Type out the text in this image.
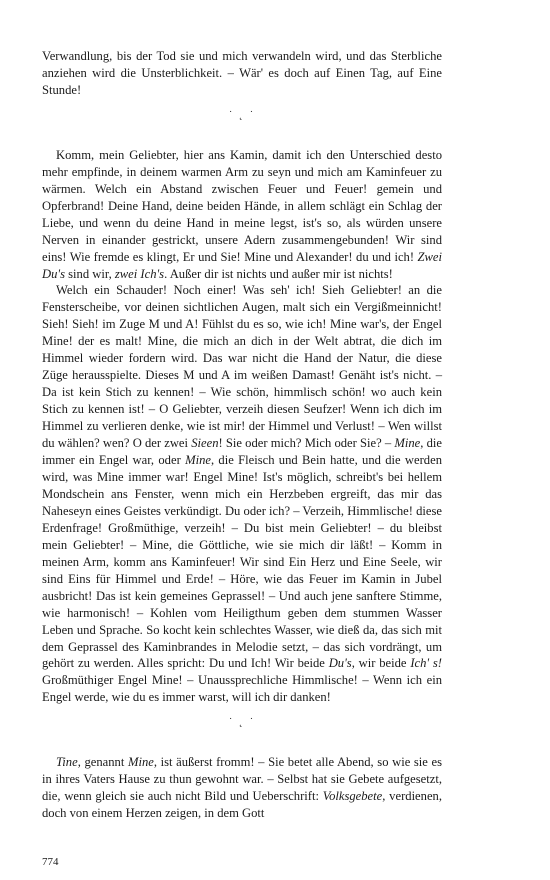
Verwandlung, bis der Tod sie und mich verwandeln wird, und das Sterbliche anziehen wird die Unsterblichkeit. – Wär' es doch auf Einen Tag, auf Eine Stunde!

˙ ˛ ˙

Komm, mein Geliebter, hier ans Kamin, damit ich den Unterschied desto mehr empfinde, in deinem warmen Arm zu seyn und mich am Kaminfeuer zu wärmen. Welch ein Abstand zwischen Feuer und Feuer! gemein und Opferbrand! Deine Hand, deine beiden Hände, in allem schlägt ein Schlag der Liebe, und wenn du deine Hand in meine legst, ist's so, als würden unsere Nerven in einander gestrickt, unsere Adern zusammengebunden! Wir sind eins! Wie fremde es klingt, Er und Sie! Mine und Alexander! du und ich! Zwei Du's sind wir, zwei Ich's. Außer dir ist nichts und außer mir ist nichts!

Welch ein Schauder! Noch einer! Was seh' ich! Sieh Geliebter! an die Fensterscheibe, vor deinen sichtlichen Augen, malt sich ein Vergißmeinnicht! Sieh! Sieh! im Zuge M und A! Fühlst du es so, wie ich! Mine war's, der Engel Mine! der es malt! Mine, die mich an dich in der Welt abtrat, die dich im Himmel wieder fordern wird. Das war nicht die Hand der Natur, die diese Züge herausspielte. Dieses M und A im weißen Damast! Genäht ist's nicht. – Da ist kein Stich zu kennen! – Wie schön, himmlisch schön! wo auch kein Stich zu kennen ist! – O Geliebter, verzeih diesen Seufzer! Wenn ich dich im Himmel zu verlieren denke, wie ist mir! der Himmel und Verlust! – Wen willst du wählen? wen? O der zwei Sieen! Sie oder mich? Mich oder Sie? – Mine, die immer ein Engel war, oder Mine, die Fleisch und Bein hatte, und die werden wird, was Mine immer war! Engel Mine! Ist's möglich, schreibt's bei hellem Mondschein ans Fenster, wenn mich ein Herzbeben ergreift, das mir das Naheseyn eines Geistes verkündigt. Du oder ich? – Verzeih, Himmlische! diese Erdenfrage! Großmüthige, verzeih! – Du bist mein Geliebter! – du bleibst mein Geliebter! – Mine, die Göttliche, wie sie mich dir läßt! – Komm in meinen Arm, komm ans Kaminfeuer! Wir sind Ein Herz und Eine Seele, wir sind Eins für Himmel und Erde! – Höre, wie das Feuer im Kamin in Jubel ausbricht! Das ist kein gemeines Geprassel! – Und auch jene sanftere Stimme, wie harmonisch! – Kohlen vom Heiligthum geben dem stummen Wasser Leben und Sprache. So kocht kein schlechtes Wasser, wie dieß da, das sich mit dem Geprassel des Kaminbrandes in Melodie setzt, – das sich vordrängt, um gehört zu werden. Alles spricht: Du und Ich! Wir beide Du's, wir beide Ich' s! Großmüthiger Engel Mine! – Unaussprechliche Himmlische! – Wenn ich ein Engel werde, wie du es immer warst, will ich dir danken!

˙ ˛ ˙

Tine, genannt Mine, ist äußerst fromm! – Sie betet alle Abend, so wie sie es in ihres Vaters Hause zu thun gewohnt war. – Selbst hat sie Gebete aufgesetzt, die, wenn gleich sie auch nicht Bild und Ueberschrift: Volksgebete, verdienen, doch von einem Herzen zeigen, in dem Gott

774
